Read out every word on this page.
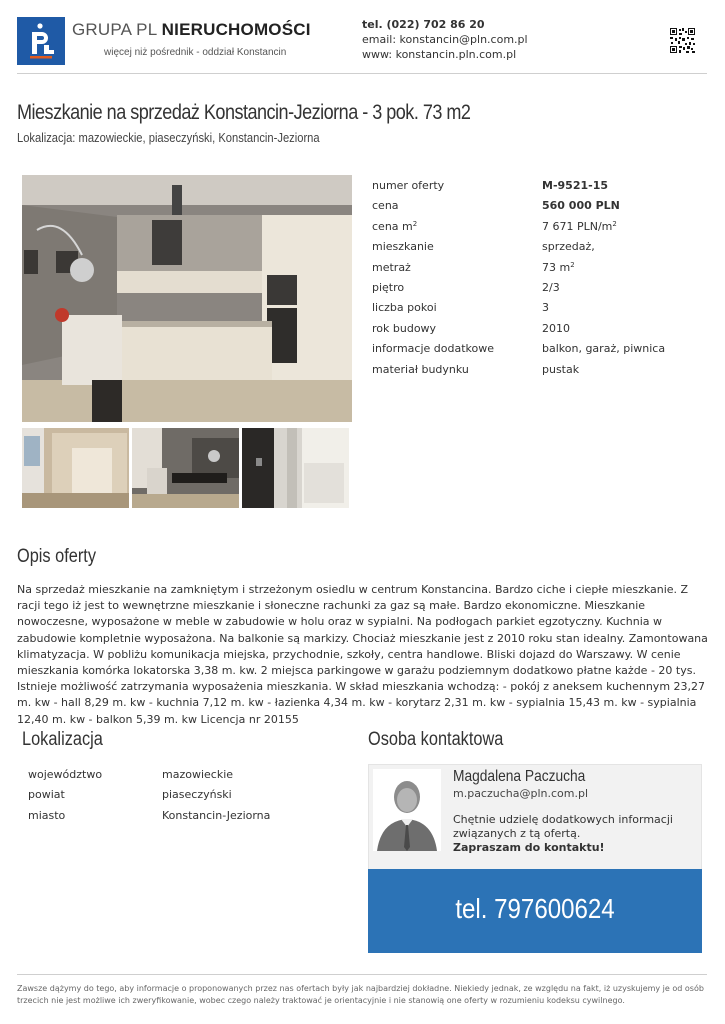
GRUPA PL NIERUCHOMOŚCI
więcej niż pośrednik - oddział Konstancin
tel. (022) 702 86 20
email: konstancin@pln.com.pl
www: konstancin.pln.com.pl
Mieszkanie na sprzedaż Konstancin-Jeziorna - 3 pok. 73 m2
Lokalizacja: mazowieckie, piaseczyński, Konstancin-Jeziorna
numer oferty	M-9521-15
cena	560 000 PLN
cena $m^2$	7 671 PLN/$m^2$
mieszkanie	sprzedaż,
metraż	73 $m^2$
piętro	2/3
liczba pokoi	3
rok budowy	2010
informacje dodatkowe	balkon, garaż, piwnica
materiał budynku	pustak
Opis oferty
Na sprzedaż mieszkanie na zamkniętym i strzeżonym osiedlu w centrum Konstancina. Bardzo ciche i ciepłe mieszkanie. Z racji tego iż jest to wewnętrzne mieszkanie i słoneczne rachunki za gaz są małe. Bardzo ekonomiczne. Mieszkanie nowoczesne, wyposażone w meble w zabudowie w holu oraz w sypialni. Na podłogach parkiet egzotyczny. Kuchnia w zabudowie kompletnie wyposażona. Na balkonie są markizy. Chociaż mieszkanie jest z 2010 roku stan idealny. Zamontowana klimatyzacja. W pobliżu komunikacja miejska, przychodnie, szkoły, centra handlowe. Bliski dojazd do Warszawy. W cenie mieszkania komórka lokatorska 3,38 m. kw. 2 miejsca parkingowe w garażu podziemnym dodatkowo płatne każde - 20 tys. Istnieje możliwość zatrzymania wyposażenia mieszkania. W skład mieszkania wchodzą: - pokój z aneksem kuchennym 23,27 m. kw - hall 8,29 m. kw - kuchnia 7,12 m. kw - łazienka 4,34 m. kw - korytarz 2,31 m. kw - sypialnia 15,43 m. kw - sypialnia 12,40 m. kw - balkon 5,39 m. kw Licencja nr 20155
Lokalizacja
województwo	mazowieckie
powiat	piaseczyński
miasto	Konstancin-Jeziorna
Osoba kontaktowa
Magdalena Paczucha
m.paczucha@pln.com.pl
Chętnie udzielę dodatkowych informacji związanych z tą ofertą.
Zapraszam do kontaktu!
tel. 797600624
Zawsze dążymy do tego, aby informacje o proponowanych przez nas ofertach były jak najbardziej dokładne. Niekiedy jednak, ze względu na fakt, iż uzyskujemy je od osób trzecich nie jest możliwe ich zweryfikowanie, wobec czego należy traktować je orientacyjnie i nie stanowią one oferty w rozumieniu kodeksu cywilnego.
